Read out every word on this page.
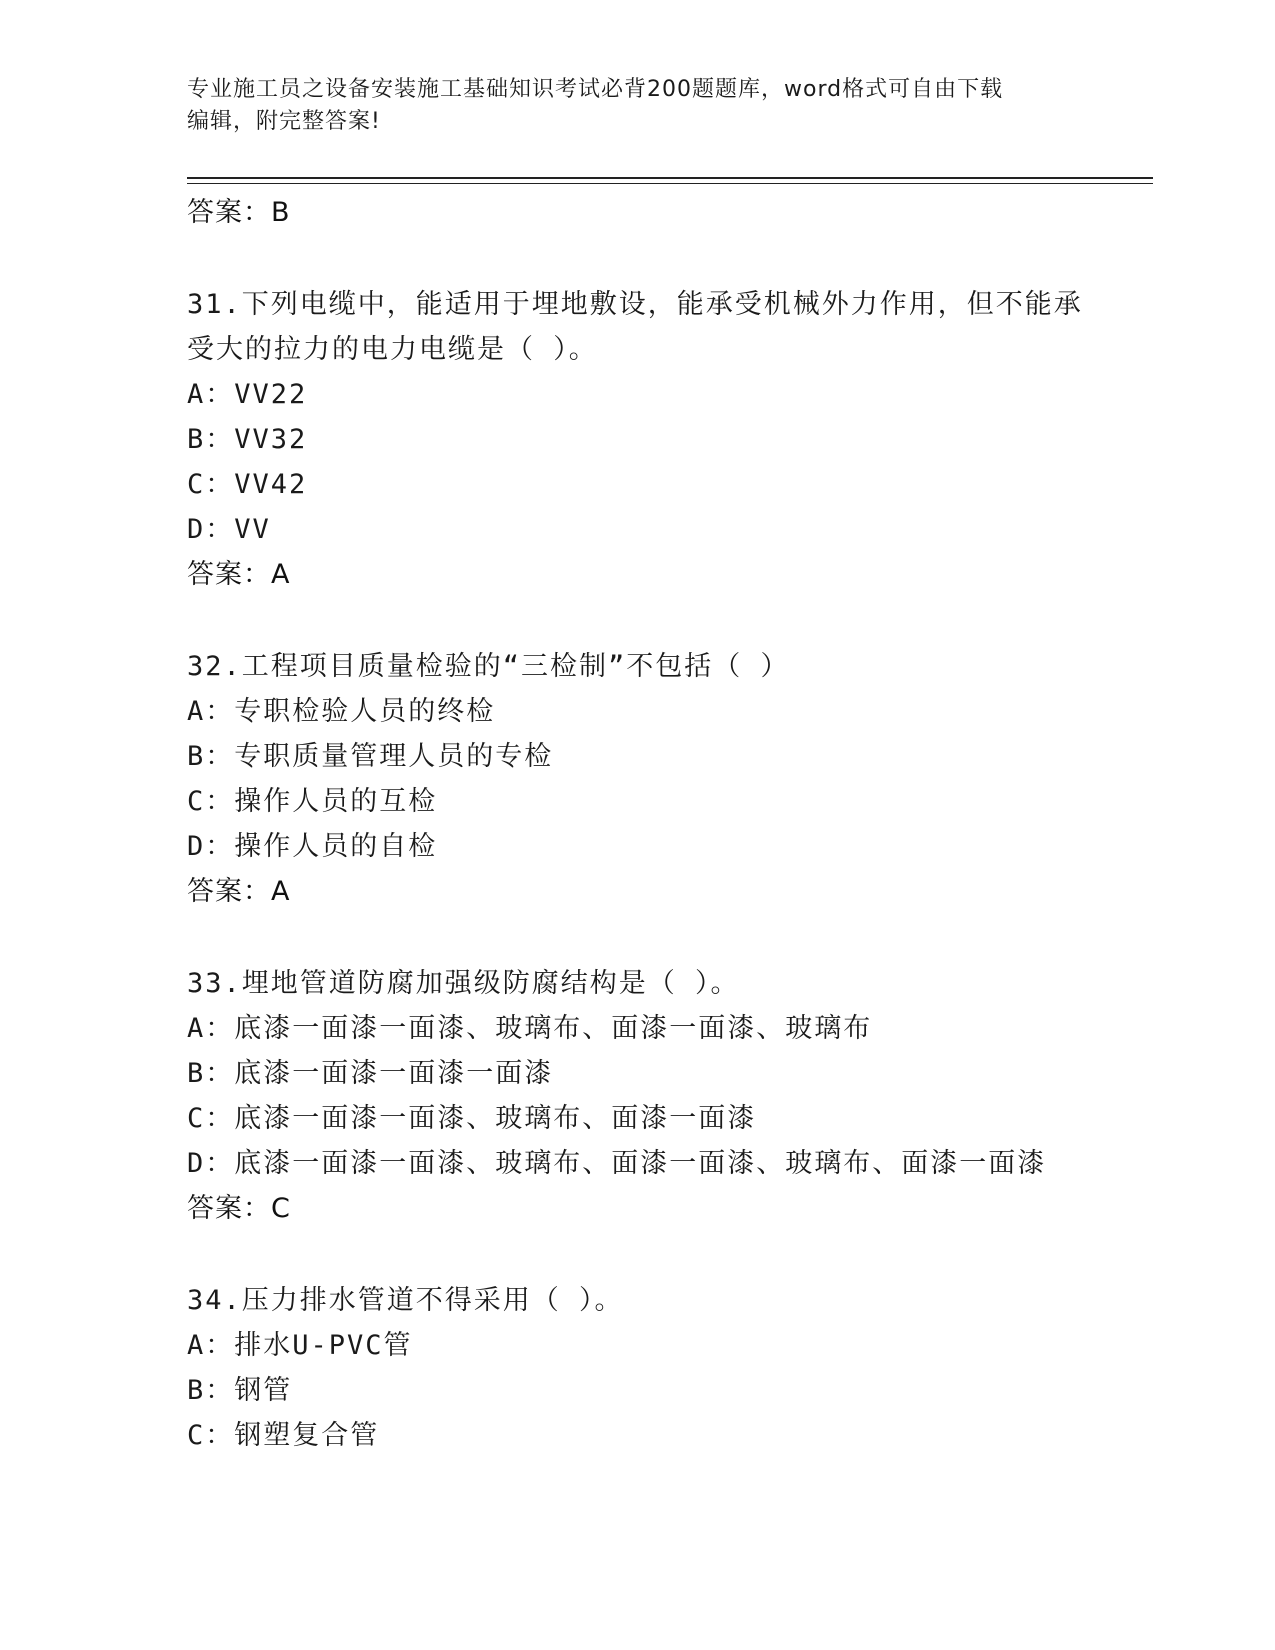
专业施工员之设备安装施工基础知识考试必背200题题库，word格式可自由下载
编辑，附完整答案!
答案：B
31.下列电缆中，能适用于埋地敷设，能承受机械外力作用，但不能承
受大的拉力的电力电缆是（ ）。
A：VV22
B：VV32
C：VV42
D：VV
答案：A
32.工程项目质量检验的“三检制”不包括（ ）
A：专职检验人员的终检
B：专职质量管理人员的专检
C：操作人员的互检
D：操作人员的自检
答案：A
33.埋地管道防腐加强级防腐结构是（ ）。
A：底漆一面漆一面漆、玻璃布、面漆一面漆、玻璃布
B：底漆一面漆一面漆一面漆
C：底漆一面漆一面漆、玻璃布、面漆一面漆
D：底漆一面漆一面漆、玻璃布、面漆一面漆、玻璃布、面漆一面漆
答案：C
34.压力排水管道不得采用（ ）。
A：排水U-PVC管
B：钢管
C：钢塑复合管
